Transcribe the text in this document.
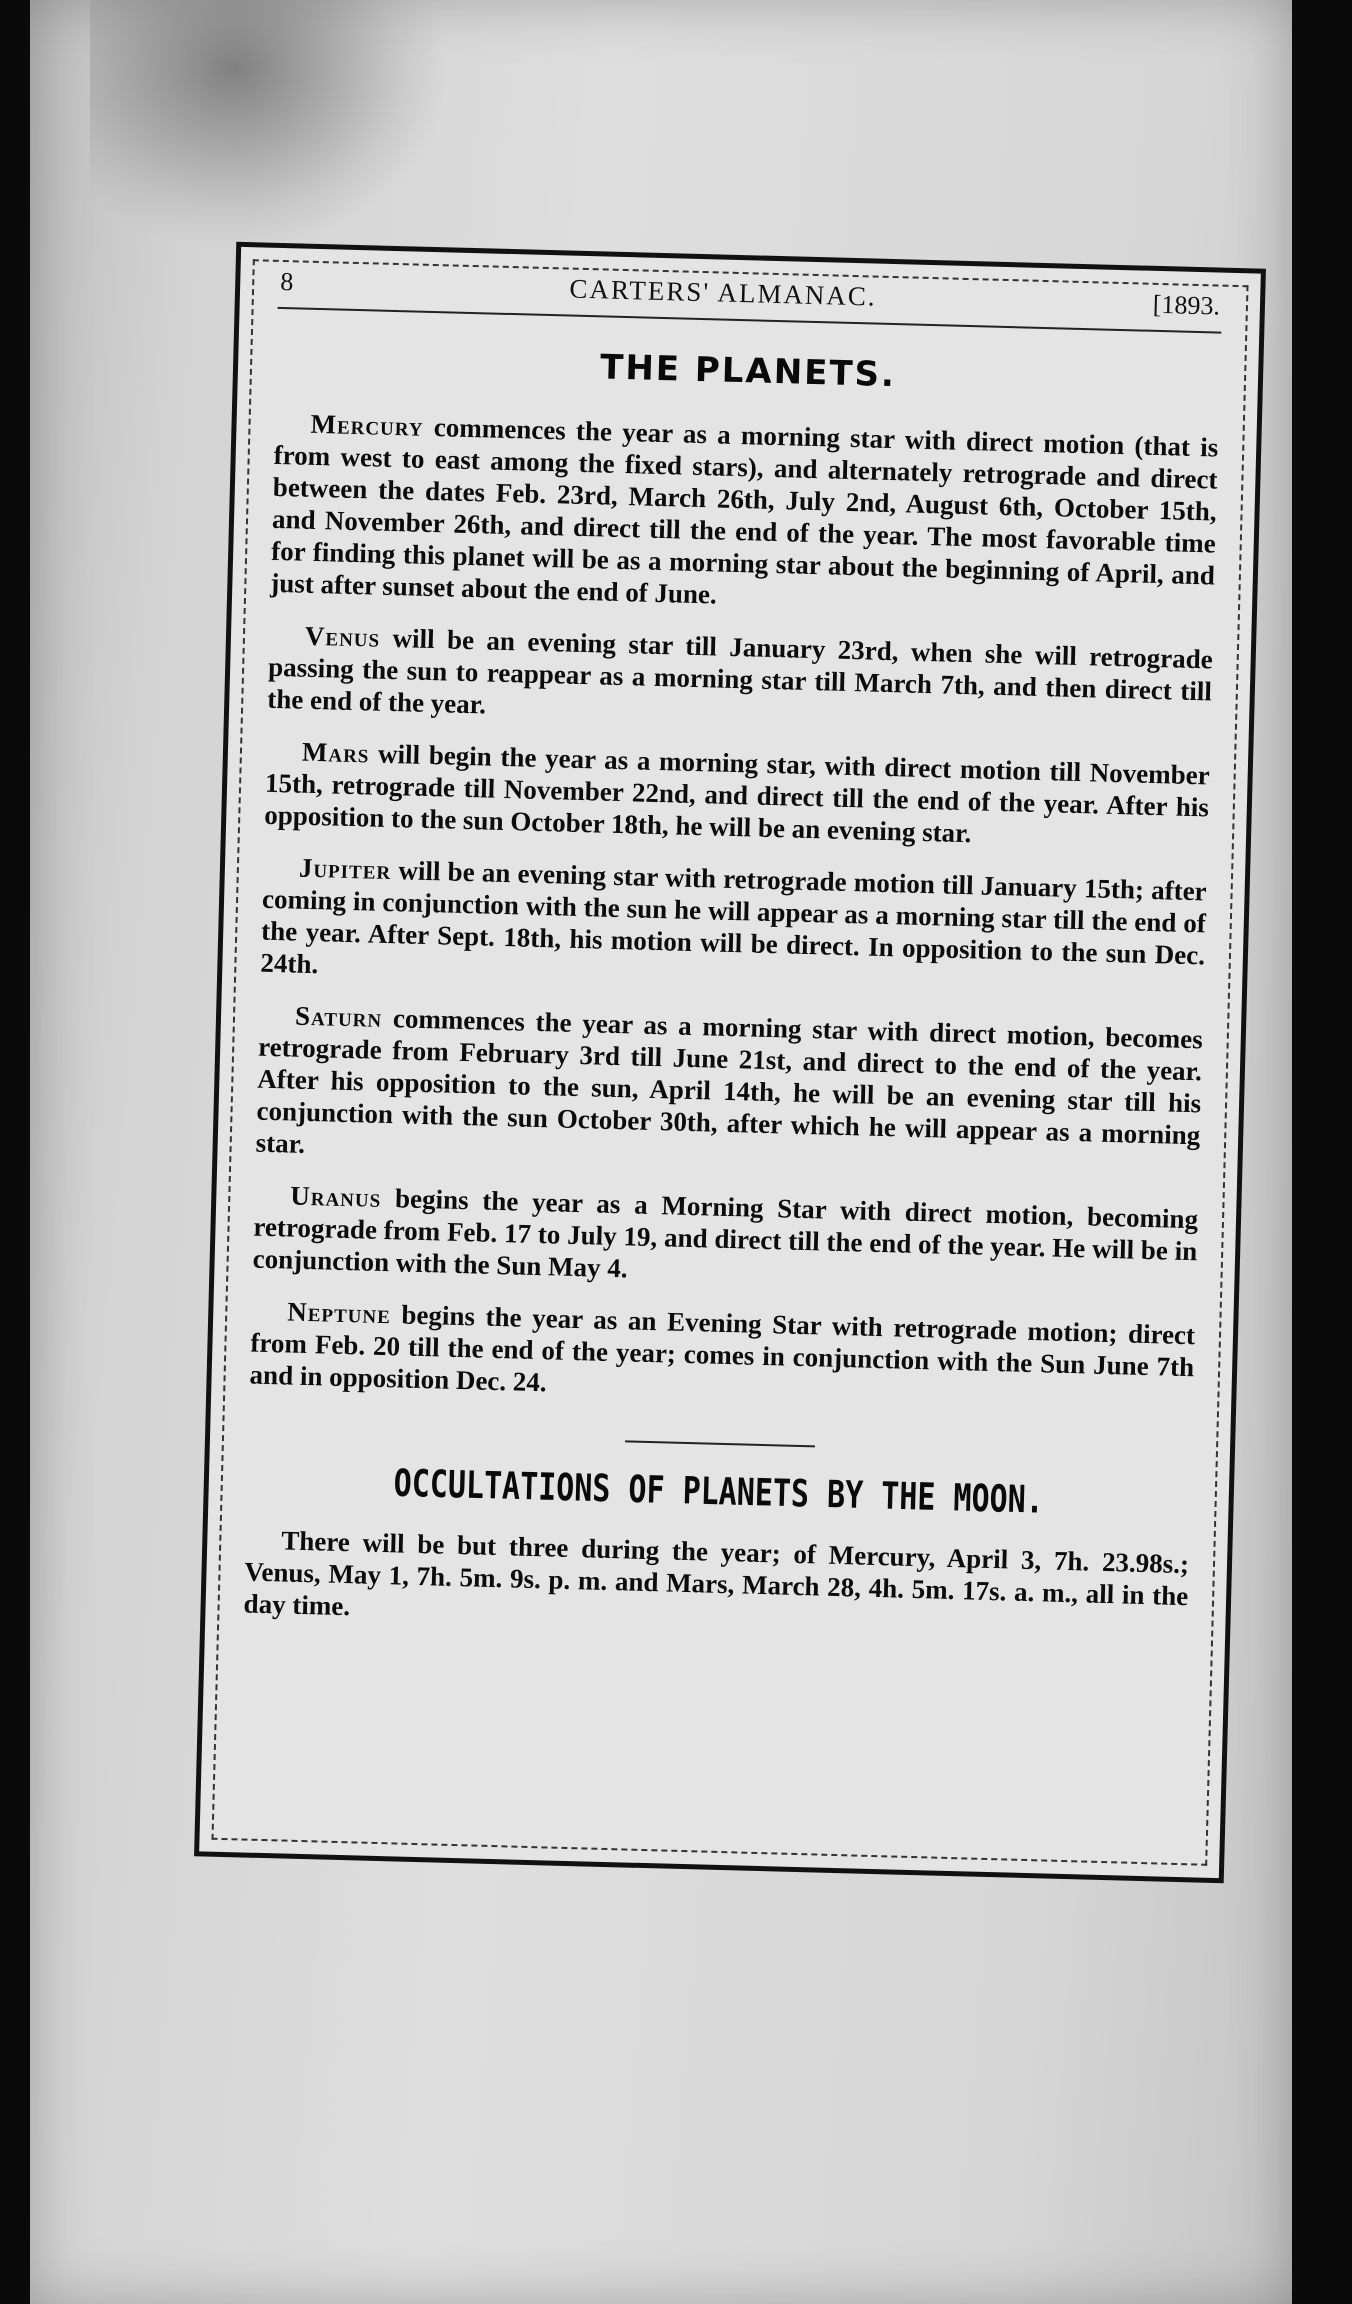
8	CARTERS' ALMANAC.	[1893.
THE PLANETS.

Mercury commences the year as a morning star with direct motion (that is from west to east among the fixed stars), and alternately retrograde and direct between the dates Feb. 23rd, March 26th, July 2nd, August 6th, October 15th, and November 26th, and direct till the end of the year. The most favorable time for finding this planet will be as a morning star about the beginning of April, and just after sunset about the end of June.

Venus will be an evening star till January 23rd, when she will retrograde passing the sun to reappear as a morning star till March 7th, and then direct till the end of the year.

Mars will begin the year as a morning star, with direct motion till November 15th, retrograde till November 22nd, and direct till the end of the year. After his opposition to the sun October 18th, he will be an evening star.

Jupiter will be an evening star with retrograde motion till January 15th; after coming in conjunction with the sun he will appear as a morning star till the end of the year. After Sept. 18th, his motion will be direct. In opposition to the sun Dec. 24th.

Saturn commences the year as a morning star with direct motion, becomes retrograde from February 3rd till June 21st, and direct to the end of the year. After his opposition to the sun, April 14th, he will be an evening star till his conjunction with the sun October 30th, after which he will appear as a morning star.

Uranus begins the year as a Morning Star with direct motion, becoming retrograde from Feb. 17 to July 19, and direct till the end of the year. He will be in conjunction with the Sun May 4.

Neptune begins the year as an Evening Star with retrograde motion; direct from Feb. 20 till the end of the year; comes in conjunction with the Sun June 7th and in opposition Dec. 24.

OCCULTATIONS OF PLANETS BY THE MOON.

There will be but three during the year; of Mercury, April 3, 7h. 23.98s.; Venus, May 1, 7h. 5m. 9s. p. m. and Mars, March 28, 4h. 5m. 17s. a. m., all in the day time.
